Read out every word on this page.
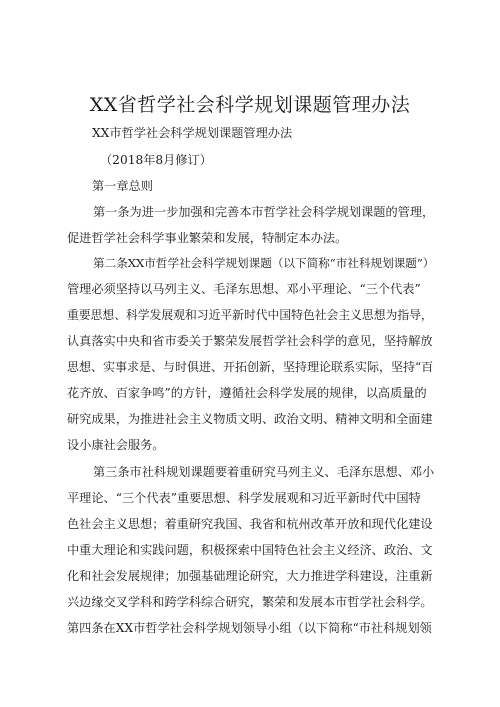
XX省哲学社会科学规划课题管理办法
XX市哲学社会科学规划课题管理办法
（2018年8月修订）
第一章总则
第一条为进一步加强和完善本市哲学社会科学规划课题的管理，
促进哲学社会科学事业繁荣和发展，特制定本办法。
第二条XX市哲学社会科学规划课题（以下简称“市社科规划课题”）
管理必须坚持以马列主义、毛泽东思想、邓小平理论、“三个代表”
重要思想、科学发展观和习近平新时代中国特色社会主义思想为指导，
认真落实中央和省市委关于繁荣发展哲学社会科学的意见，坚持解放
思想、实事求是、与时俱进、开拓创新，坚持理论联系实际，坚持“百
花齐放、百家争鸣”的方针，遵循社会科学发展的规律，以高质量的
研究成果，为推进社会主义物质文明、政治文明、精神文明和全面建
设小康社会服务。
第三条市社科规划课题要着重研究马列主义、毛泽东思想、邓小
平理论、“三个代表”重要思想、科学发展观和习近平新时代中国特
色社会主义思想；着重研究我国、我省和杭州改革开放和现代化建设
中重大理论和实践问题，积极探索中国特色社会主义经济、政治、文
化和社会发展规律；加强基础理论研究，大力推进学科建设，注重新
兴边缘交叉学科和跨学科综合研究，繁荣和发展本市哲学社会科学。
第四条在XX市哲学社会科学规划领导小组（以下简称“市社科规划领
